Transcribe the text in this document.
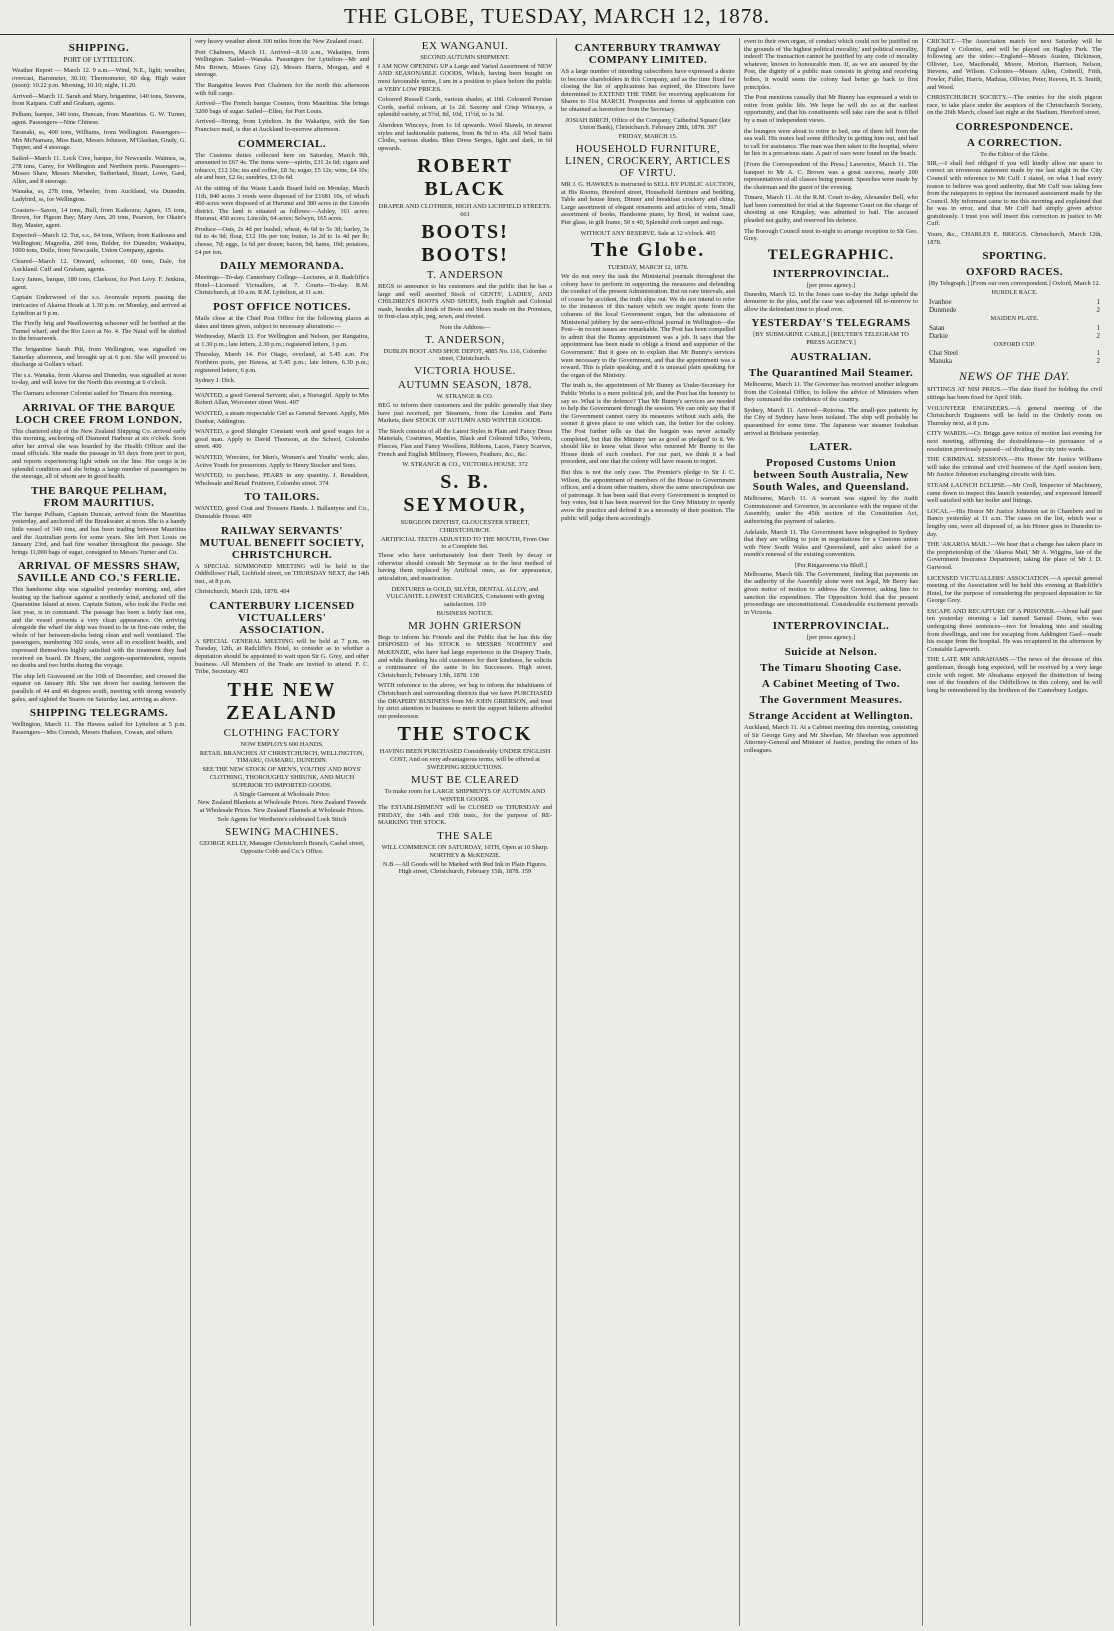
THE GLOBE, TUESDAY, MARCH 12, 1878.
SHIPPING.
PORT OF LYTTELTON.

Weather Report — March 12. 9 a.m.—Wind, N.E., light; weather, overcast, Barometer, 30.10; Thermometer, 60 deg. High water (noon): 10.22 p.m. Morning, 10.10; night, 11.20.

Arrived—March 11. Sarah and Mary, brigantine, 140 tons, Stevens, from Kaipara. Cuff and Graham, agents.

Pelham, barque, 340 tons, Duncan, from Mauritius. G. W. Turner, agent. Passengers—Nine Chinese.

Taranaki, ss, 400 tons, Williams, from Wellington. Passengers—Mrs McNamara, Miss Bain, Messrs Johnson, M'Glashan, Grady, G. Tupper, and 4 steerage.

Sailed—March 11. Lock Cree, barque, for Newcastle. Waimea, ss, 278 tons, Carey, for Wellington and Northern ports. Passengers—Misses Shaw, Messrs Marsden, Sutherland, Stuart, Lowe, Gard, Allen, and 8 steerage.

Wanaka, ss, 278 tons, Wheeler, from Auckland, via Dunedin. Ladybird, ss, for Wellington.

Coasters—Saxon, 14 tons, Bull, from Kaikoura; Agnes, 15 tons, Brown, for Pigeon Bay; Mary Ann, 20 tons, Pearson, for Okain's Bay, Master, agent.

Expected—March 12. Tui, s.s., 84 tons, Wilson, from Kaikoura and Wellington; Magnolia, 260 tons, Bolder, for Dunedin; Wakatipu, 1000 tons, Doile, from Newcastle, Union Company, agents.

Cleared—March 12. Onward, schooner, 60 tons, Dale, for Auckland. Cuff and Graham, agents.

Lucy James, barque, 180 tons, Clarkson, for Port Levy. F. Jenkins, agent.

Captain Underwood of the s.s. Avonvale reports passing the intricacies of Akaroa Heads at 1.30 p.m. on Monday, and arrived at Lyttelton at 9 p.m.

The Firefly brig and Neaflowering schooner will be berthed at the Tunnel wharf, and the Rio Loco at No. 4. The Natal will be shifted to the breastwork.

The brigantine Sarah Pitt, from Wellington, was signalled on Saturday afternoon, and brought up at 6 p.m. She will proceed to discharge at Gollan's wharf.

The s.s. Wanaka, from Akaroa and Dunedin, was signalled at noon to-day, and will leave for the North this evening at 6 o'clock.

The Oamaru schooner Colonist sailed for Timaru this morning.

ARRIVAL OF THE BARQUE LOCH CREE FROM LONDON.

This chartered ship of the New Zealand Shipping Co. arrived early this morning, anchoring off Diamond Harbour at six o'clock. Soon after her arrival she was boarded by the Health Officer and the usual officials. She made the passage in 93 days from port to port, and reports experiencing light winds on the line. Her cargo is in splendid condition and she brings a large number of passengers in the steerage, all of whom are in good health.

THE BARQUE PELHAM, FROM MAURITIUS.

The barque Pelham, Captain Duncan, arrived from the Mauritius yesterday, and anchored off the Breakwater at noon. She is a handy little vessel of 340 tons, and has been trading between Mauritius and the Australian ports for some years. She left Port Louis on January 23rd, and had fine weather throughout the passage. She brings 11,000 bags of sugar, consigned to Messrs Turner and Co.

ARRIVAL OF MESSRS SHAW, SAVILLE AND CO.'S FERLIE.

This handsome ship was signalled yesterday morning, and, after beating up the harbour against a northerly wind, anchored off the Quarantine Island at noon. Captain Sutton, who took the Ferlie out last year, is in command. The passage has been a fairly fast one, and the vessel presents a very clean appearance. On arriving alongside the wharf the ship was found to be in first-rate order, the whole of her between-decks being clean and well ventilated. The passengers, numbering 302 souls, were all in excellent health, and expressed themselves highly satisfied with the treatment they had received on board. Dr Hoare, the surgeon-superintendent, reports no deaths and two births during the voyage.

The ship left Gravesend on the 10th of December, and crossed the equator on January 8th. She ran down her easting between the parallels of 44 and 46 degrees south, meeting with strong westerly gales, and sighted the Snares on Saturday last, arriving as above.

SHIPPING TELEGRAMS.

Wellington, March 11. The Hawea sailed for Lyttelton at 5 p.m. Passengers—Mrs Cornish, Messrs Hudson, Cowan, and others.

very heavy weather about 300 miles from the New Zealand coast.

Port Chalmers, March 11. Arrived—8.10 a.m., Wakatipu, from Wellington. Sailed—Wanaka. Passengers for Lyttelton—Mr and Mrs Brown, Misses Gray (2), Messrs Harris, Morgan, and 4 steerage.

The Rangatira leaves Port Chalmers for the north this afternoon with full cargo.

Arrived—The French barque Cosmos, from Mauritius. She brings 3200 bags of sugar. Sailed—Ellen, for Port Louis.

Arrived—Strong, from Lyttelton. In the Wakatipu, with the San Francisco mail, is due at Auckland to-morrow afternoon.

COMMERCIAL.

The Customs duties collected here on Saturday, March 9th, amounted to £67 4s. The items were—spirits, £31 2s 6d; cigars and tobacco, £12 10s; tea and coffee, £8 3s; sugar, £5 12s; wine, £4 10s; ale and beer, £2 6s; sundries, £3 0s 6d.

At the sitting of the Waste Lands Board held on Monday, March 11th, 840 acres 3 roods were disposed of for £1681 10s, of which 460 acres were disposed of at Hurunui and 380 acres in the Lincoln district. The land is situated as follows:—Ashley, 161 acres; Hurunui, 450 acres; Lincoln, 64 acres; Selwyn, 165 acres.

Produce—Oats, 2s 4d per bushel; wheat, 4s 6d to 5s 3d; barley, 3s 6d to 4s 9d; flour, £12 10s per ton; butter, 1s 2d to 1s 4d per lb; cheese, 7d; eggs, 1s 6d per dozen; bacon, 9d; hams, 10d; potatoes, £4 per ton.

DAILY MEMORANDA.

Meetings—To-day. Canterbury College—Lectures, at 8. Radcliffe's Hotel—Licensed Victuallers, at 7. Courts—To-day. R.M. Christchurch, at 10 a.m. R.M. Lyttelton, at 11 a.m.

POST OFFICE NOTICES.

Mails close at the Chief Post Office for the following places at dates and times given, subject to necessary alterations:—

Wednesday, March 13. For Wellington and Nelson, per Rangatira, at 1.30 p.m.; late letters, 2.30 p.m.; registered letters, 1 p.m.

Thursday, March 14. For Otago, overland, at 5.45 a.m. For Northern ports, per Hawea, at 5.45 p.m.; late letters, 6.30 p.m.; registered letters, 6 p.m.

Sydney J. Dick.

WANTED, a good General Servant; also, a Nursegirl. Apply to Mrs Robert Allan, Worcester street West. 407

WANTED, a steam respectable Girl as General Servant. Apply, Mrs Dunbar, Addington.

WANTED, a good Shingler Constant work and good wages for a good man. Apply to David Thomson, at the School, Colombo street. 400

WANTED, Wrecters, for Men's, Women's and Youths' work; also, Active Youth for pressroom. Apply to Henry Stocker and Sons.

WANTED, to purchase, PEARS in any quantity. J. Renaldson, Wholesale and Retail Fruiterer, Colombo street. 374

TO TAILORS.

WANTED, good Coat and Trousers Hands. J. Ballantyne and Co., Dunstable House. 409

RAILWAY SERVANTS' MUTUAL BENEFIT SOCIETY, CHRISTCHURCH.

A SPECIAL SUMMONED MEETING will be held in the Oddfellows' Hall, Lichfield street, on THURSDAY NEXT, the 14th inst., at 8 p.m.

Christchurch, March 12th, 1878. 404

CANTERBURY LICENSED VICTUALLERS' ASSOCIATION.

A SPECIAL GENERAL MEETING will be held at 7 p.m. on Tuesday, 12th, at Radcliffe's Hotel, to consider as to whether a deputation should be appointed to wait upon Sir G. Grey, and other business. All Members of the Trade are invited to attend. F. C. Tribe, Secretary. 403

THE NEW ZEALAND
CLOTHING FACTORY
NOW EMPLOYS 600 HANDS.
RETAIL BRANCHES AT CHRISTCHURCH, WELLINGTON, TIMARU, OAMARU, DUNEDIN.
SEE THE NEW STOCK OF MEN'S, YOUTHS' AND BOYS' CLOTHING, THOROUGHLY SHRUNK, AND MUCH SUPERIOR TO IMPORTED GOODS.
A Single Garment at Wholesale Price.
New Zealand Blankets at Wholesale Prices. New Zealand Tweeds at Wholesale Prices. New Zealand Flannels at Wholesale Prices.
Sole Agents for Wertheim's celebrated Lock Stitch
SEWING MACHINES.
GEORGE KELLY, Manager Christchurch Branch, Cashel street, Opposite Cobb and Co.'s Office.
EX WANGANUI.
SECOND AUTUMN SHIPMENT.

I AM NOW OPENING UP a Large and Varied Assortment of NEW AND SEASONABLE GOODS, Which, having been bought on most favourable terms, I am in a position to place before the public at VERY LOW PRICES.

Coloured Russell Cords, various shades, at 10d. Coloured Persian Cords, useful colours, at 1s 2d. Saxony and Crisp Winceys, a splendid variety, at 5½d, 8d, 10d, 11½d, to 1s 3d.

Aberdeen Winceys, from 1s 1d upwards. Wool Shawls, in newest styles and fashionable patterns, from 8s 9d to 45s. All Wool Satin Cloths, various shades. Blue Dress Serges, light and dark, in 6d upwards.

ROBERT BLACK
DRAPER AND CLOTHIER, HIGH AND LICHFIELD STREETS. 661
BOOTS! BOOTS!
T. ANDERSON

BEGS to announce to his customers and the public that he has a large and well assorted Stock of GENTS', LADIES', AND CHILDREN'S BOOTS AND SHOES, both English and Colonial made, besides all kinds of Boots and Shoes made on the Premises, in first-class style, peg, sewn, and riveted.

Note the Address—
T. ANDERSON,
DUBLIN BOOT AND SHOE DEPOT, 4885 No. 116, Colombo street, Christchurch.
VICTORIA HOUSE.
AUTUMN SEASON, 1878.
W. STRANGE & CO.

BEG to inform their customers and the public generally that they have just received, per Steamers, from the London and Paris Markets, their STOCK OF AUTUMN AND WINTER GOODS.

The Stock consists of all the Latest Styles in Plain and Fancy Dress Materials, Costumes, Mantles, Black and Coloured Silks, Velvets, Fleeces, Flax and Fancy Woollens, Ribbons, Laces, Fancy Scarves, French and English Millinery, Flowers, Feathers, &c., &c.

W. STRANGE & CO., VICTORIA HOUSE. 372
S. B. SEYMOUR,
SURGEON DENTIST, GLOUCESTER STREET, CHRISTCHURCH.
ARTIFICIAL TEETH ADJUSTED TO THE MOUTH, From One to a Complete Set.

Those who have unfortunately lost their Teeth by decay or otherwise should consult Mr Seymour as to the best method of having them replaced by Artificial ones, as for appearance, articulation, and mastication.

DENTURES in GOLD, SILVER, DENTAL ALLOY, and VULCANITE. LOWEST CHARGES, Consistent with giving satisfaction. 119
BUSINESS NOTICE.
MR JOHN GRIERSON

Begs to inform his Friends and the Public that he has this day DISPOSED of his STOCK to MESSRS NORTHEY and McKENZIE, who have had large experience in the Drapery Trade, and while thanking his old customers for their kindness, he solicits a continuance of the same to his Successors. High street, Christchurch, February 13th, 1878. 138

WITH reference to the above, we beg to inform the inhabitants of Christchurch and surrounding districts that we have PURCHASED the DRAPERY BUSINESS from Mr JOHN GRIERSON, and trust by strict attention to business to merit the support hitherto afforded our predecessor.

THE STOCK
HAVING BEEN PURCHASED Considerably UNDER ENGLISH COST, And on very advantageous terms, will be offered at SWEEPING REDUCTIONS.
MUST BE CLEARED
To make room for LARGE SHIPMENTS OF AUTUMN AND WINTER GOODS.

The ESTABLISHMENT will be CLOSED on THURSDAY and FRIDAY, the 14th and 15th insts., for the purpose of RE-MARKING THE STOCK.

THE SALE
WILL COMMENCE ON SATURDAY, 16TH, Open at 10 Sharp. NORTHEY & McKENZIE.
N.B.—All Goods will be Marked with Red Ink in Plain Figures. High street, Christchurch, February 15th, 1878. 159
CANTERBURY TRAMWAY COMPANY LIMITED.

AS a large number of intending subscribers have expressed a desire to become shareholders in this Company, and as the time fixed for closing the list of applications has expired, the Directors have determined to EXTEND THE TIME for receiving applications for Shares to 31st MARCH. Prospectus and forms of application can be obtained as heretofore from the Secretary.

JOSIAH BIRCH, Office of the Company, Cathedral Square (late Union Bank), Christchurch. February 28th, 1878. 397
FRIDAY, MARCH 15.
HOUSEHOLD FURNITURE, LINEN, CROCKERY, ARTICLES OF VIRTU.

MR J. G. HAWKES is instructed to SELL BY PUBLIC AUCTION, at His Rooms, Hereford street, Household furniture and bedding, Table and house linen, Dinner and breakfast crockery and china, Large assortment of elegant ornaments and articles of virtu, Small assortment of books, Handsome piano, by Brod, in walnut case, Pier glass, in gilt frame, 50 x 40, Splendid cork carpet and rugs.

WITHOUT ANY RESERVE. Sale at 12 o'clock. 405
The Globe.
TUESDAY, MARCH 12, 1878.

We do not envy the task the Ministerial journals throughout the colony have to perform in supporting the measures and defending the conduct of the present Administration. But on rare intervals, and of course by accident, the truth slips out. We do not intend to refer to the instances of this nature which we might quote from the columns of the local Government organ, but the admissions of Ministerial jobbery by the semi-official journal in Wellington—the Post—in recent issues are remarkable. The Post has been compelled to admit that the Bunny appointment was a job. It says that 'the appointment has been made to oblige a friend and supporter of the Government.' But it goes on to explain that Mr Bunny's services were necessary to the Government, and that the appointment was a reward. This is plain speaking, and it is unusual plain speaking for the organ of the Ministry.

The truth is, the appointment of Mr Bunny as Under-Secretary for Public Works is a mere political job, and the Post has the honesty to say so. What is the defence? That Mr Bunny's services are needed to help the Government through the session. We can only say that if the Government cannot carry its measures without such aids, the sooner it gives place to one which can, the better for the colony. The Post further tells us that the bargain was never actually completed, but that the Ministry 'are as good as pledged' to it. We should like to know what those who returned Mr Bunny to the House think of such conduct. For our part, we think it a bad precedent, and one that the colony will have reason to regret.

But this is not the only case. The Premier's pledge to Sir J. C. Wilson, the appointment of members of the House to Government offices, and a dozen other matters, show the same unscrupulous use of patronage. It has been said that every Government is tempted to buy votes, but it has been reserved for the Grey Ministry to openly avow the practice and defend it as a necessity of their position. The public will judge them accordingly.

even to their own organ, of conduct which could not be justified on the grounds of 'the highest political morality,' and political morality, indeed! The transaction cannot be justified by any code of morality whatever, known to honourable men. If, as we are assured by the Post, the dignity of a public man consists in giving and receiving bribes, it would seem the colony had better go back to first principles.

The Post mentions casually that Mr Bunny has expressed a wish to retire from public life. We hope he will do so at the earliest opportunity, and that his constituents will take care the seat is filled by a man of independent views.

the loungers were about to retire to bed, one of them fell from the sea wall. His mates had some difficulty in getting him out, and had to call for assistance. The man was then taken to the hospital, where he lies in a precarious state. A pair of oars were found on the beach.

[From the Correspondent of the Press.] Lawrence, March 11. The banquet to Mr A. C. Brown was a great success, nearly 200 representatives of all classes being present. Speeches were made by the chairman and the guest of the evening.

Timaru, March 11. At the R.M. Court to-day, Alexander Bell, who had been committed for trial at the Supreme Court on the charge of shooting at one Kingsley, was admitted to bail. The accused pleaded not guilty, and reserved his defence.

The Borough Council meet to-night to arrange reception to Sir Geo. Grey.

TELEGRAPHIC.
INTERPROVINCIAL.
[per press agency.]

Dunedin, March 12. In the Jones case to-day the Judge upheld the demurrer to the plea, and the case was adjourned till to-morrow to allow the defendant time to plead over.

YESTERDAY'S TELEGRAMS
[BY SUBMARINE CABLE.] [REUTER'S TELEGRAM TO PRESS AGENCY.]
AUSTRALIAN.
The Quarantined Mail Steamer.

Melbourne, March 11. The Governor has received another telegram from the Colonial Office, to follow the advice of Ministers when they command the confidence of the country.

Sydney, March 11. Arrived—Rotorua. The small-pox patients by the City of Sydney have been isolated. The ship will probably be quarantined for some time. The Japanese war steamer Isukuban arrived at Brisbane yesterday.

LATER.
Proposed Customs Union between South Australia, New South Wales, and Queensland.

Melbourne, March 11. A warrant was signed by the Audit Commissioner and Governor, in accordance with the request of the Assembly, under the 45th section of the Constitution Act, authorising the payment of salaries.

Adelaide, March 11. The Government have telegraphed to Sydney that they are willing to join in negotiations for a Customs union with New South Wales and Queensland, and also asked for a month's renewal of the existing convention.

[Per Ringarooma via Bluff.]

Melbourne, March 6th. The Government, finding that payments on the authority of the Assembly alone were not legal, Mr Berry has given notice of motion to address the Governor, asking him to sanction the expenditure. The Opposition hold that the present proceedings are unconstitutional. Considerable excitement prevails in Victoria.

INTERPROVINCIAL.
[per press agency.]
Suicide at Nelson.
The Timaru Shooting Case.
A Cabinet Meeting of Two.
The Government Measures.
Strange Accident at Wellington.

Auckland, March 11. At a Cabinet meeting this morning, consisting of Sir George Grey and Mr Sheehan, Mr Sheehan was appointed Attorney-General and Minister of Justice, pending the return of his colleagues.

CRICKET.—The Association match for next Saturday will be England v Colonies, and will be played on Hagley Park. The following are the sides:—England—Messrs Austen, Dickinson, Ollivier, Lee, Macdonald, Moore, Morton, Harrison, Nelson, Stevens, and Wilson. Colonies—Messrs Allen, Cotterill, Frith, Fowler, Fuller, Harris, Mathias, Ollivier, Peter, Reeves, H. S. Smith, and Wood.

CHRISTCHURCH SOCIETY.—The entries for the sixth pigeon race, to take place under the auspices of the Christchurch Society, on the 26th March, closed last night at the Stadium, Hereford street.

CORRESPONDENCE.
A CORRECTION.
To the Editor of the Globe.

SIR,—I shall feel obliged if you will kindly allow me space to correct an erroneous statement made by me last night in the City Council with reference to Mr Cuff. I stated, on what I had every reason to believe was good authority, that Mr Cuff was taking fees from the ratepayers to oppose the increased assessment made by the Council. My informant came to me this morning and explained that he was in error, and that Mr Cuff had simply given advice gratuitously. I trust you will insert this correction in justice to Mr Cuff.

Yours, &c., CHARLES E. BRIGGS. Christchurch, March 12th, 1878.

SPORTING.
OXFORD RACES.
[By Telegraph.] [From our own correspondent.] Oxford, March 12.
HURDLE RACE.
Ivanhoe	1
Dunmede	2
MAIDEN PLATE.
Satan	1
Darkie	2
OXFORD CUP.
Chat Steel	1
Manuka	2
NEWS OF THE DAY.

SITTINGS AT NISI PRIUS.—The date fixed for holding the civil sittings has been fixed for April 16th.

VOLUNTEER ENGINEERS.—A general meeting of the Christchurch Engineers will be held in the Orderly room on Thursday next, at 8 p.m.

CITY WARDS.—Cr. Briggs gave notice of motion last evening for next meeting, affirming the desirableness—in pursuance of a resolution previously passed—of dividing the city into wards.

THE CRIMINAL SESSIONS.—His Honor Mr Justice Williams will take the criminal and civil business of the April session here, Mr Justice Johnston exchanging circuits with him.

STEAM LAUNCH ECLIPSE.—Mr Croll, Inspector of Machinery, came down to inspect this launch yesterday, and expressed himself well satisfied with her boiler and fittings.

LOCAL.—His Honor Mr Justice Johnston sat in Chambers and in Banco yesterday at 11 a.m. The cases on the list, which was a lengthy one, were all disposed of, as his Honor goes to Dunedin to-day.

THE 'AKAROA MAIL.'—We hear that a change has taken place in the proprietorship of the 'Akaroa Mail,' Mr A. Wiggins, late of the Government Insurance Department, taking the place of Mr J. D. Garwood.

LICENSED VICTUALLERS' ASSOCIATION.—A special general meeting of the Association will be held this evening at Radcliffe's Hotel, for the purpose of considering the proposed deputation to Sir George Grey.

ESCAPE AND RECAPTURE OF A PRISONER.—About half past ten yesterday morning a lad named Samuel Dunn, who was undergoing three sentences—two for breaking into and stealing from dwellings, and one for escaping from Addington Gaol—made his escape from the hospital. He was recaptured in the afternoon by Constable Lapworth.

THE LATE MR ABRAHAMS.—The news of the decease of this gentleman, though long expected, will be received by a very large circle with regret. Mr Abrahams enjoyed the distinction of being one of the founders of the Oddfellows in this colony, and he will long be remembered by the brethren of the Canterbury Lodges.
